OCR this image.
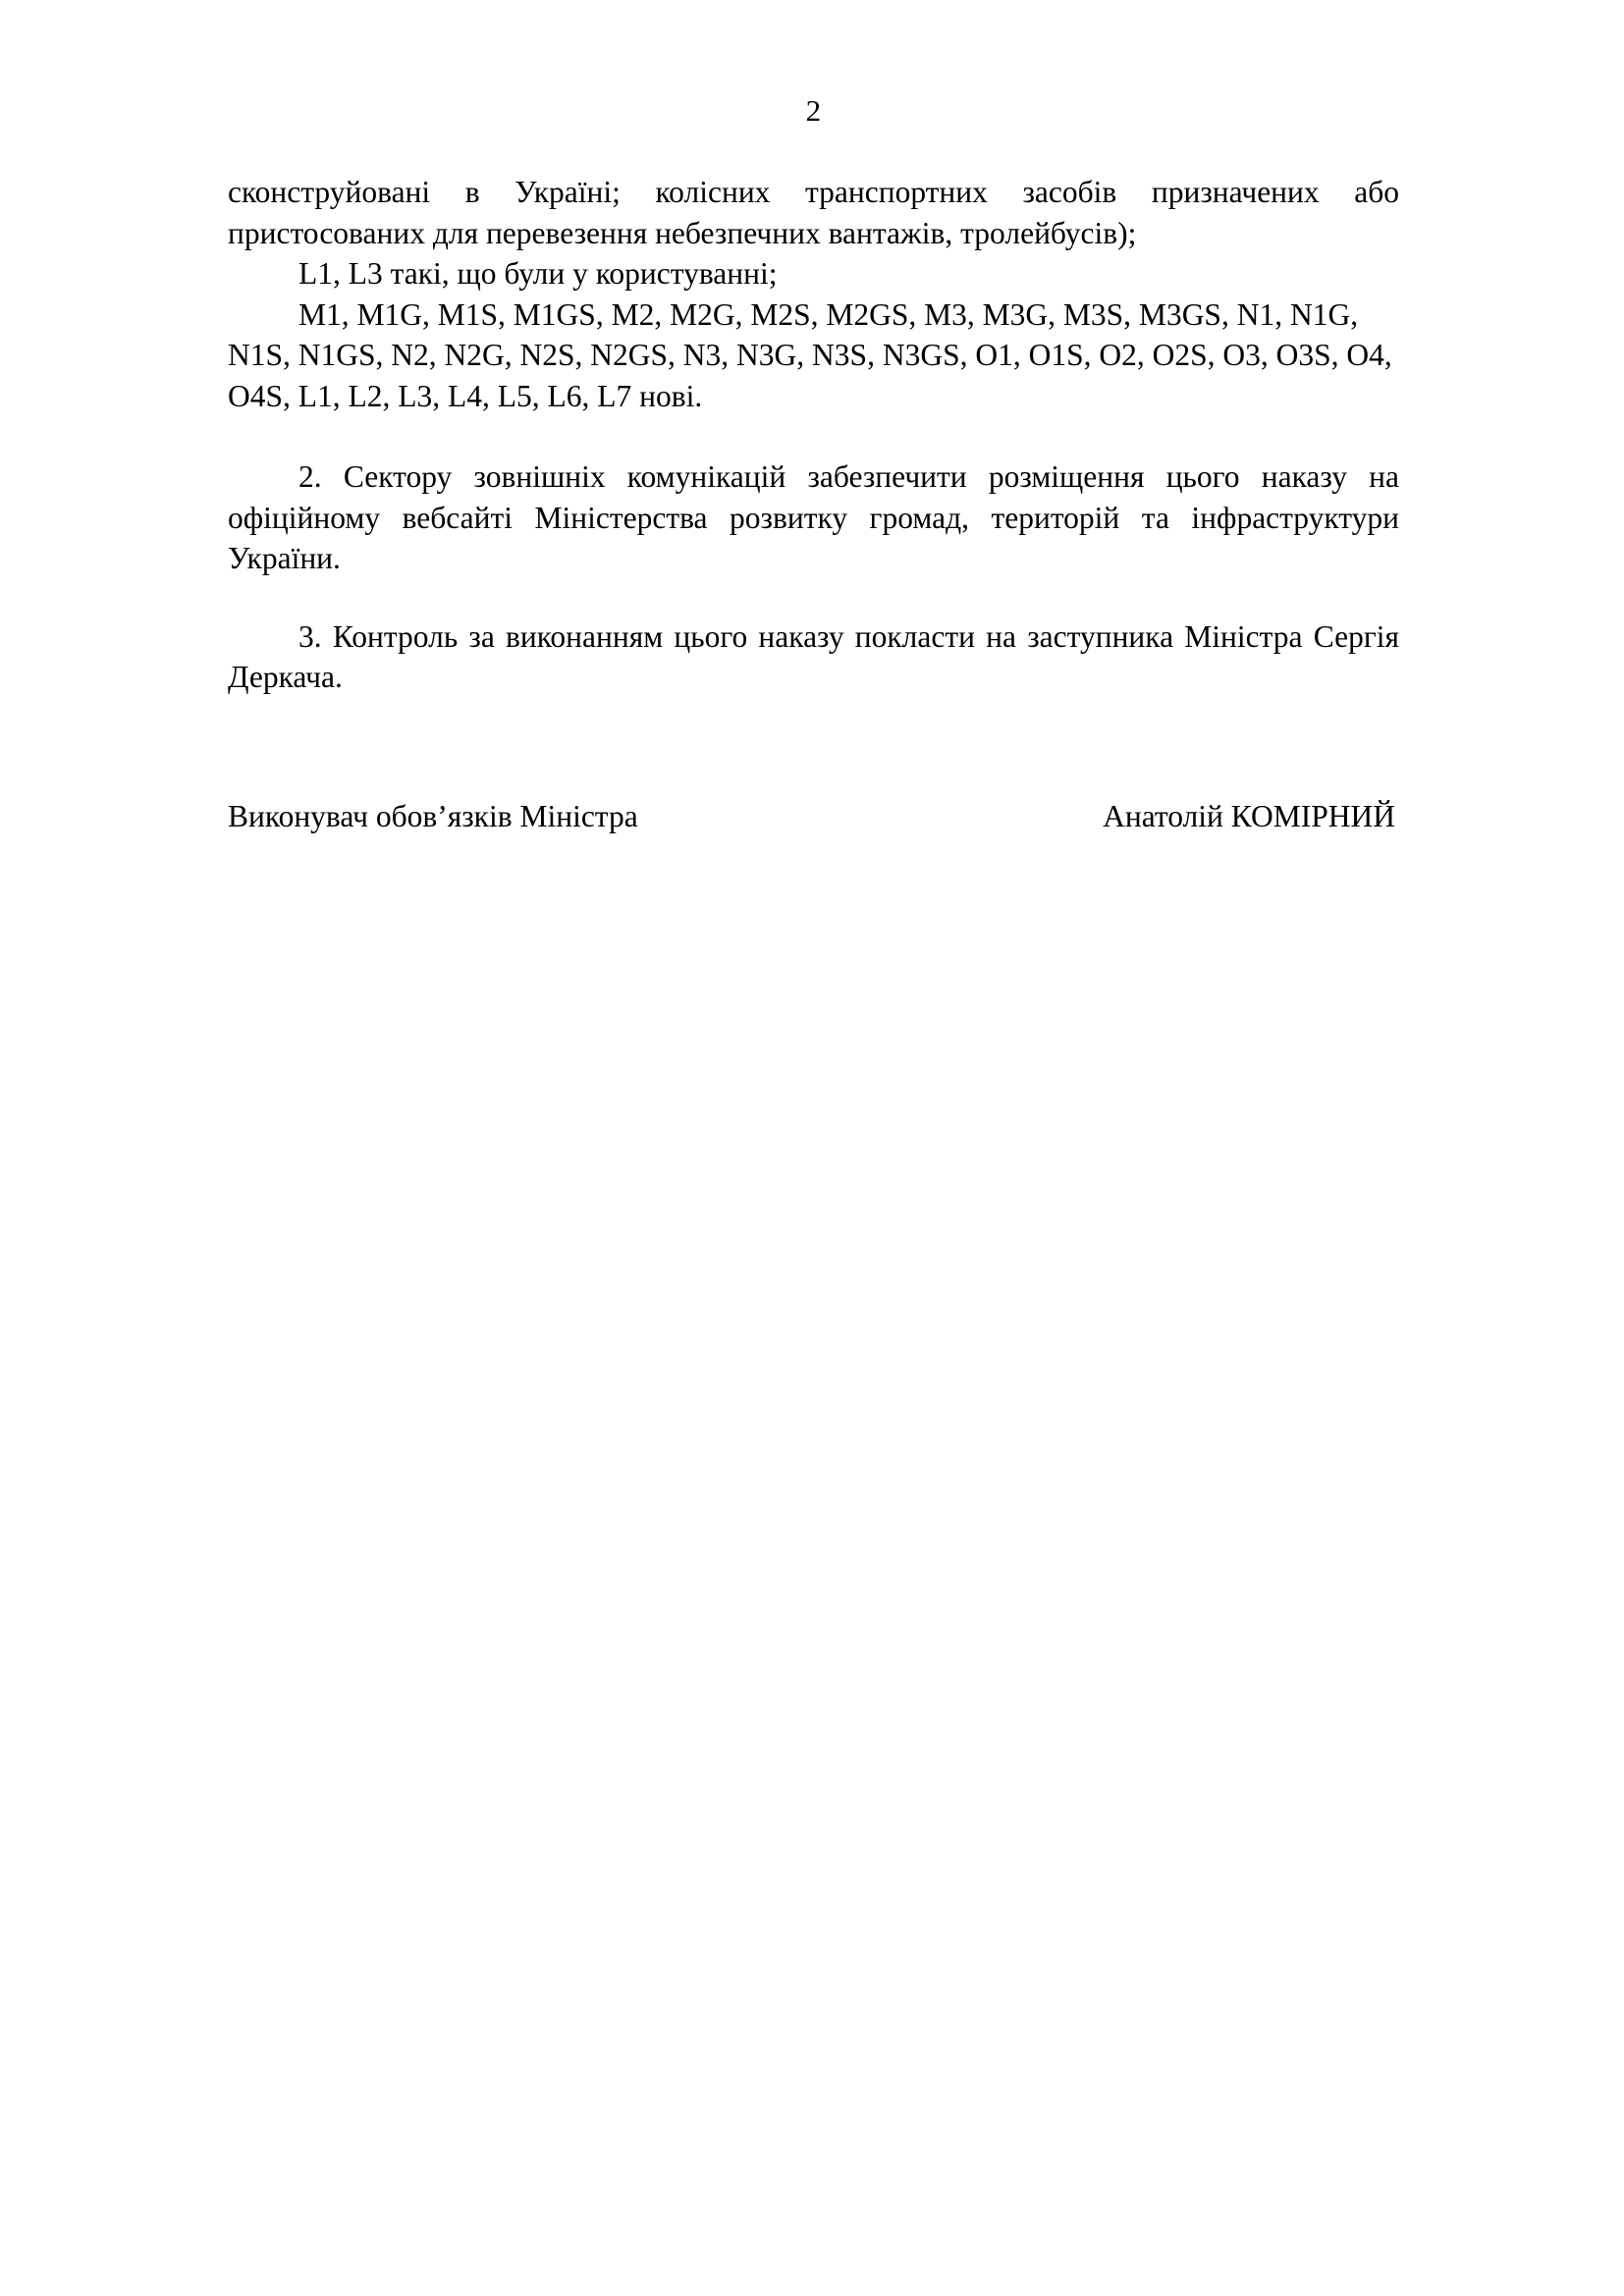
2

сконструйовані в Україні; колісних транспортних засобів призначених або пристосованих для перевезення небезпечних вантажів, тролейбусів);

L1, L3 такі, що були у користуванні;

M1, M1G, M1S, M1GS, M2, M2G, M2S, M2GS, M3, M3G, M3S, M3GS, N1, N1G, N1S, N1GS, N2, N2G, N2S, N2GS, N3, N3G, N3S, N3GS, O1, O1S, O2, O2S, O3, O3S, O4, O4S, L1, L2, L3, L4, L5, L6, L7 нові.

2. Сектору зовнішніх комунікацій забезпечити розміщення цього наказу на офіційному вебсайті Міністерства розвитку громад, територій та інфраструктури України.

3. Контроль за виконанням цього наказу покласти на заступника Міністра Сергія Деркача.

Виконувач обов’язків Міністра	Анатолій КОМІРНИЙ
